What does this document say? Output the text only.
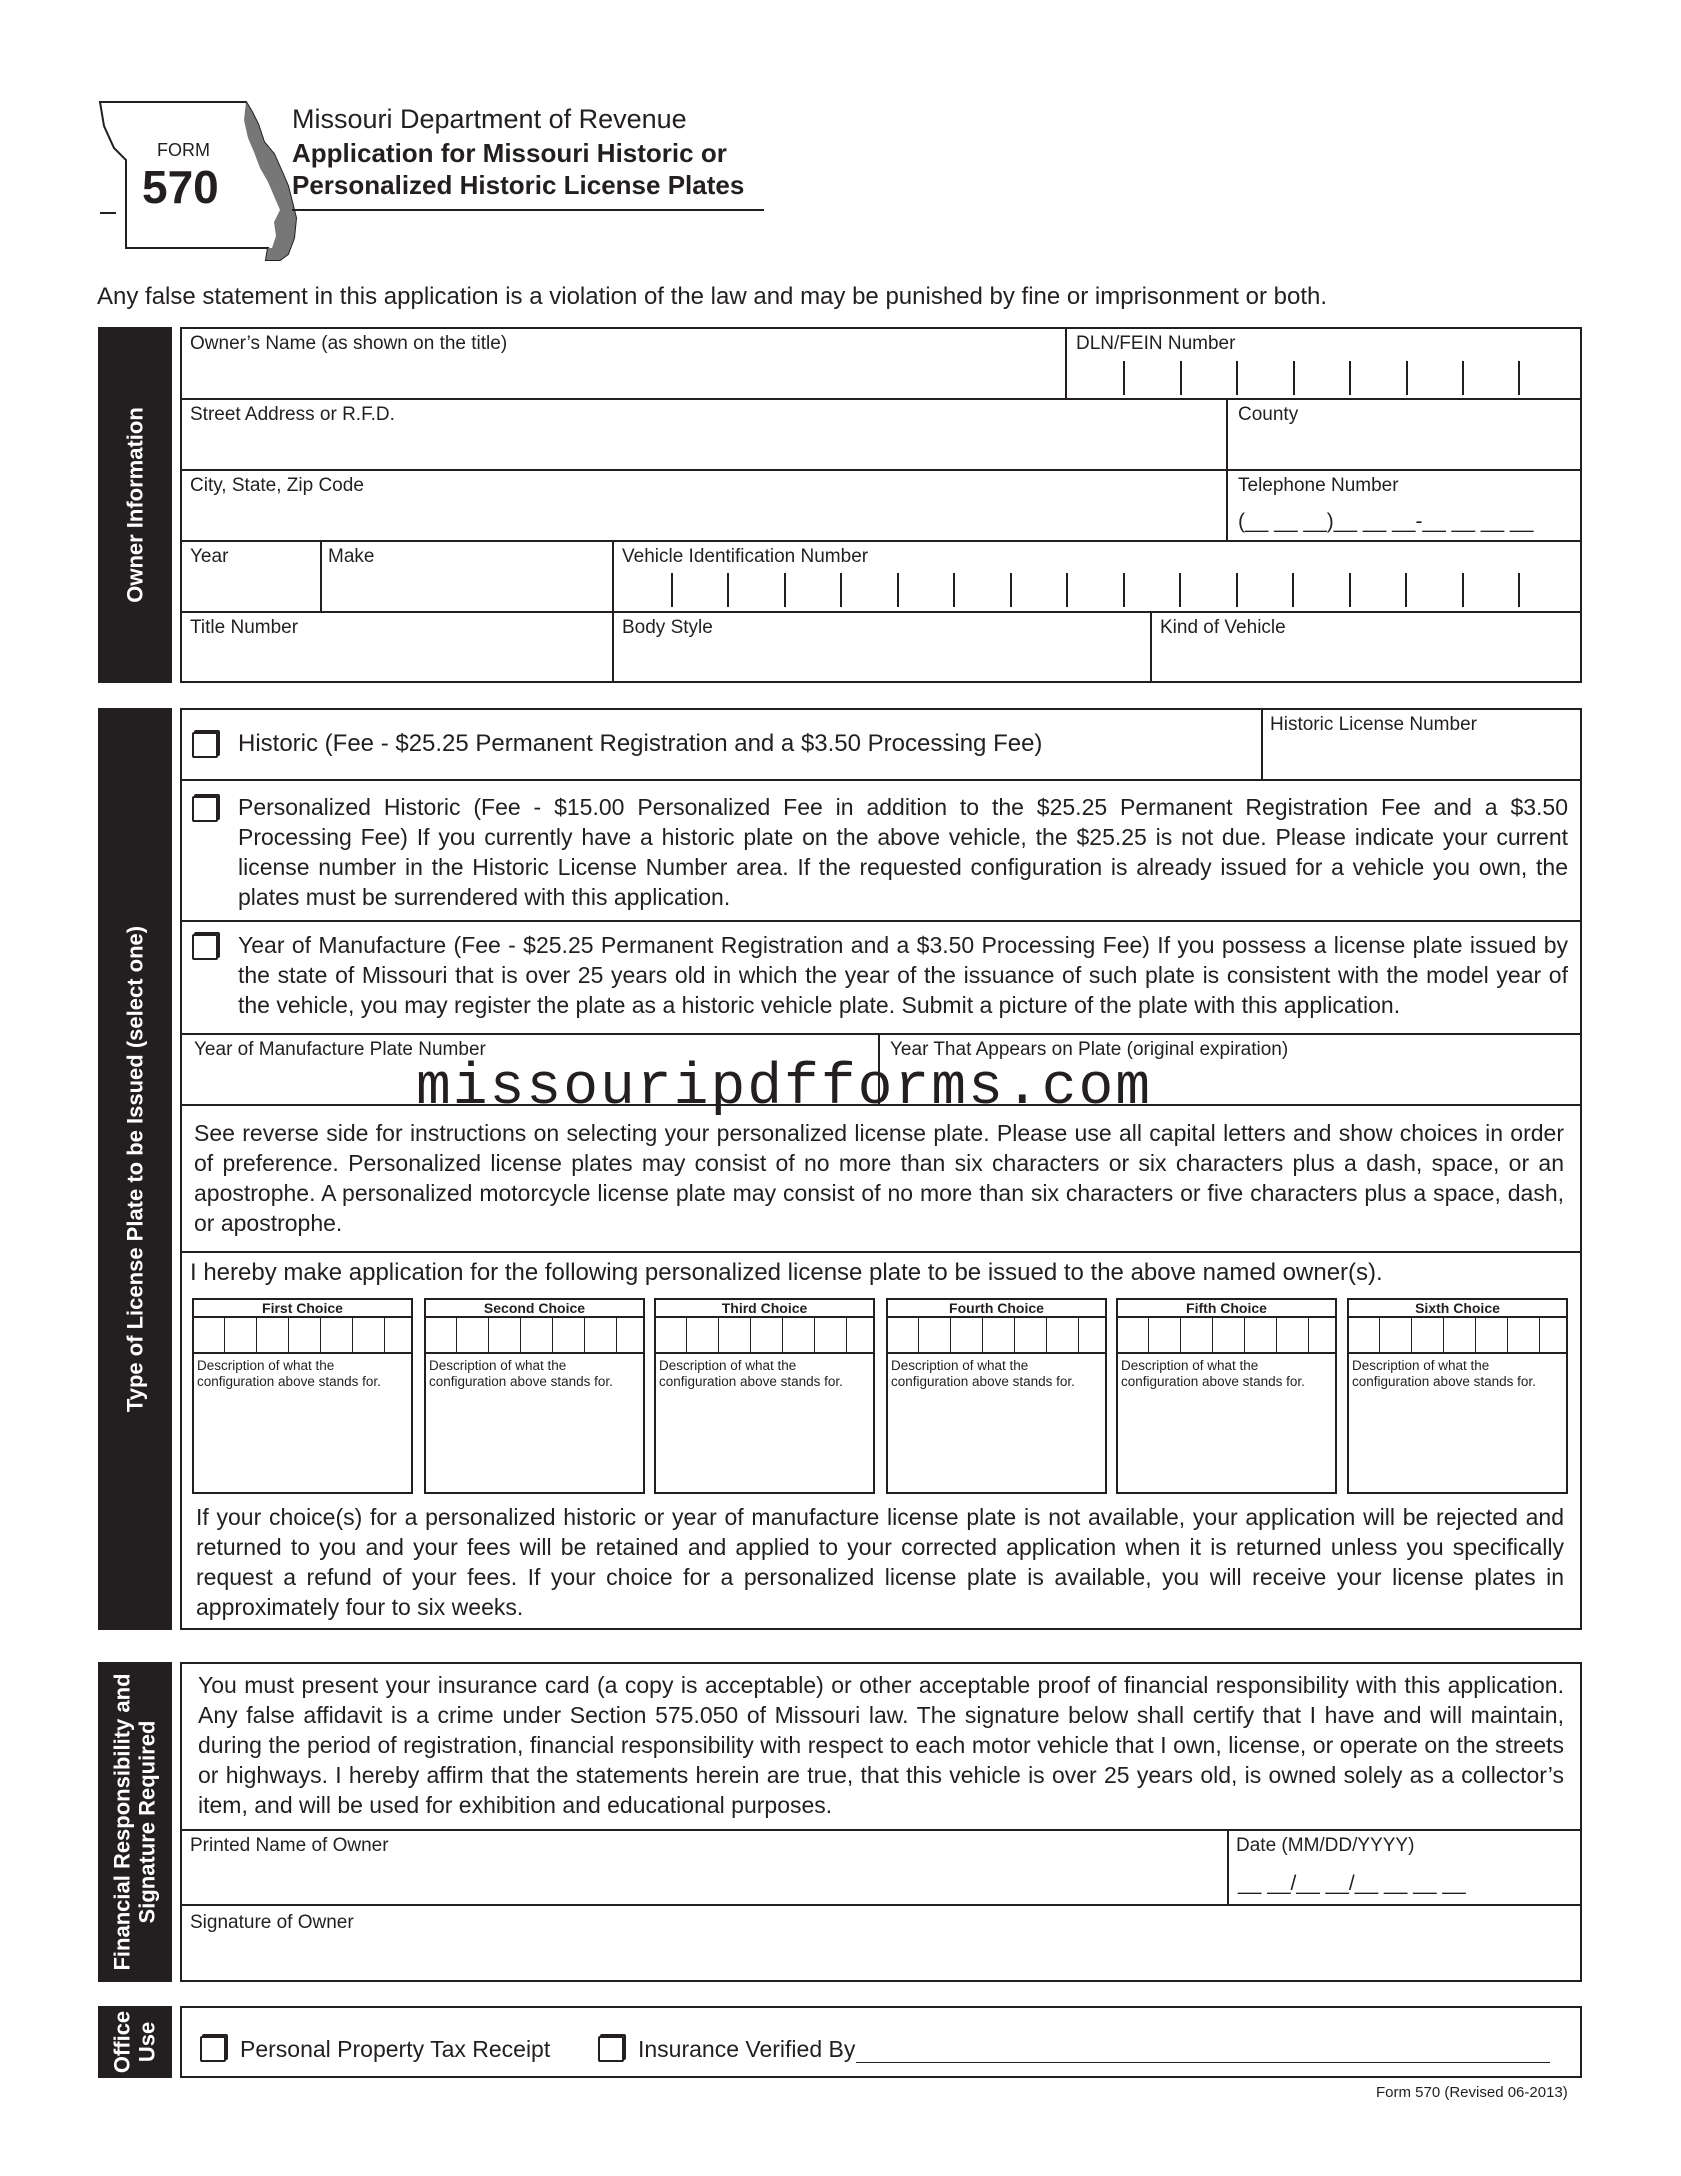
FORM
570
Missouri Department of Revenue
Application for Missouri Historic or
Personalized Historic License Plates
Any false statement in this application is a violation of the law and may be punished by fine or imprisonment or both.
Owner Information
Owner’s Name (as shown on the title)	DLN/FEIN Number
Street Address or R.F.D.	County
City, State, Zip Code	Telephone Number
(__ __ __)__ __ __-__ __ __ __
Year	Make	Vehicle Identification Number
Title Number	Body Style	Kind of Vehicle
Type of License Plate to be Issued (select one)
Historic (Fee - $25.25 Permanent Registration and a $3.50 Processing Fee)
Historic License Number
Personalized Historic (Fee - $15.00 Personalized Fee in addition to the $25.25 Permanent Registration Fee and a $3.50 Processing Fee) If you currently have a historic plate on the above vehicle, the $25.25 is not due. Please indicate your current license number in the Historic License Number area. If the requested configuration is already issued for a vehicle you own, the plates must be surrendered with this application.
Year of Manufacture (Fee - $25.25 Permanent Registration and a $3.50 Processing Fee) If you possess a license plate issued by the state of Missouri that is over 25 years old in which the year of the issuance of such plate is consistent with the model year of the vehicle, you may register the plate as a historic vehicle plate. Submit a picture of the plate with this application.
Year of Manufacture Plate Number	Year That Appears on Plate (original expiration)
missouripdfforms.com
See reverse side for instructions on selecting your personalized license plate. Please use all capital letters and show choices in order of preference. Personalized license plates may consist of no more than six characters or six characters plus a dash, space, or an apostrophe. A personalized motorcycle license plate may consist of no more than six characters or five characters plus a space, dash, or apostrophe.
I hereby make application for the following personalized license plate to be issued to the above named owner(s).
First Choice
Description of what the configuration above stands for.
Second Choice
Description of what the configuration above stands for.
Third Choice
Description of what the configuration above stands for.
Fourth Choice
Description of what the configuration above stands for.
Fifth Choice
Description of what the configuration above stands for.
Sixth Choice
Description of what the configuration above stands for.
If your choice(s) for a personalized historic or year of manufacture license plate is not available, your application will be rejected and returned to you and your fees will be retained and applied to your corrected application when it is returned unless you specifically request a refund of your fees. If your choice for a personalized license plate is available, you will receive your license plates in approximately four to six weeks.
Financial Responsibility and Signature Required
You must present your insurance card (a copy is acceptable) or other acceptable proof of financial responsibility with this application. Any false affidavit is a crime under Section 575.050 of Missouri law. The signature below shall certify that I have and will maintain, during the period of registration, financial responsibility with respect to each motor vehicle that I own, license, or operate on the streets or highways. I hereby affirm that the statements herein are true, that this vehicle is over 25 years old, is owned solely as a collector’s item, and will be used for exhibition and educational purposes.
Printed Name of Owner	Date (MM/DD/YYYY)
__ __/__ __/__ __ __ __
Signature of Owner
Office Use	Personal Property Tax Receipt	Insurance Verified By
Form 570 (Revised 06-2013)
